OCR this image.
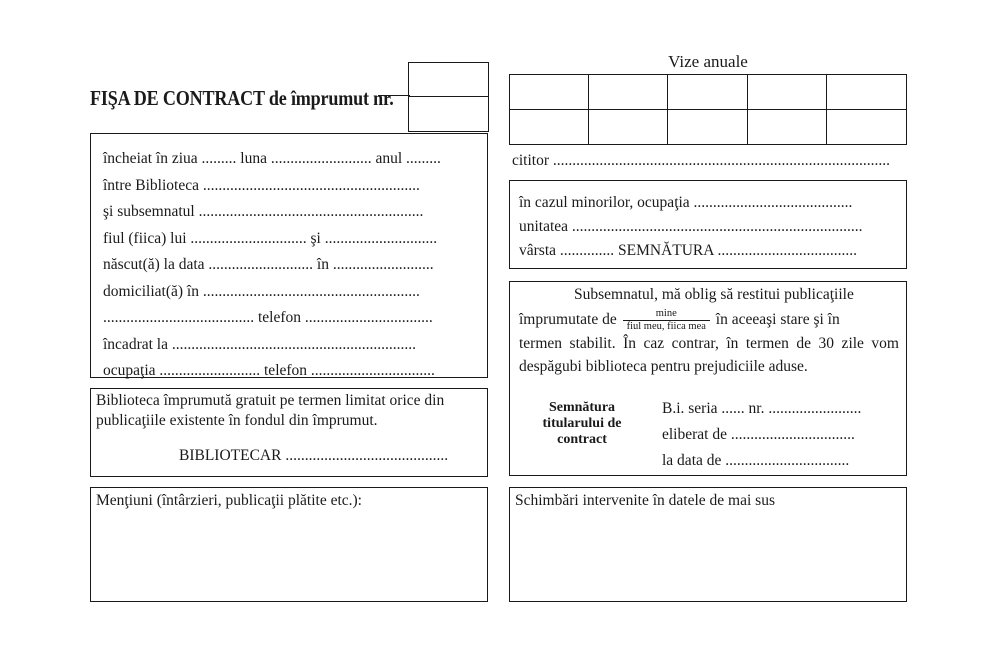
FIŞA DE CONTRACT de împrumut nr.
încheiat în ziua ......... luna .......................... anul .........
între Biblioteca ........................................................
şi subsemnatul ..........................................................
fiul (fiica) lui .............................. şi .............................
născut(ă) la data ........................... în ..........................
domiciliat(ă) în ........................................................
....................................... telefon .................................
încadrat la ...............................................................
ocupaţia .......................... telefon ................................
Biblioteca împrumută gratuit pe termen limitat orice din publicaţiile existente în fondul din împrumut.
BIBLIOTECAR ..........................................
Menţiuni (întârzieri, publicaţii plătite etc.):
Vize anuale
cititor .......................................................................................
în cazul minorilor, ocupaţia .........................................
unitatea ...........................................................................
vârsta .............. SEMNĂTURA ....................................
Subsemnatul, mă oblig să restitui publicaţiile
împrumutate de $\frac{\min e}{\text{fiul meu, fiica mea}}$ în aceeaşi stare şi în
termen stabilit. În caz contrar, în termen de 30 zile vom despăgubi biblioteca pentru prejudiciile aduse.
Semnătura titularului de contract
B.i. seria ...... nr. ........................
eliberat de ................................
la data de ................................
Schimbări intervenite în datele de mai sus
